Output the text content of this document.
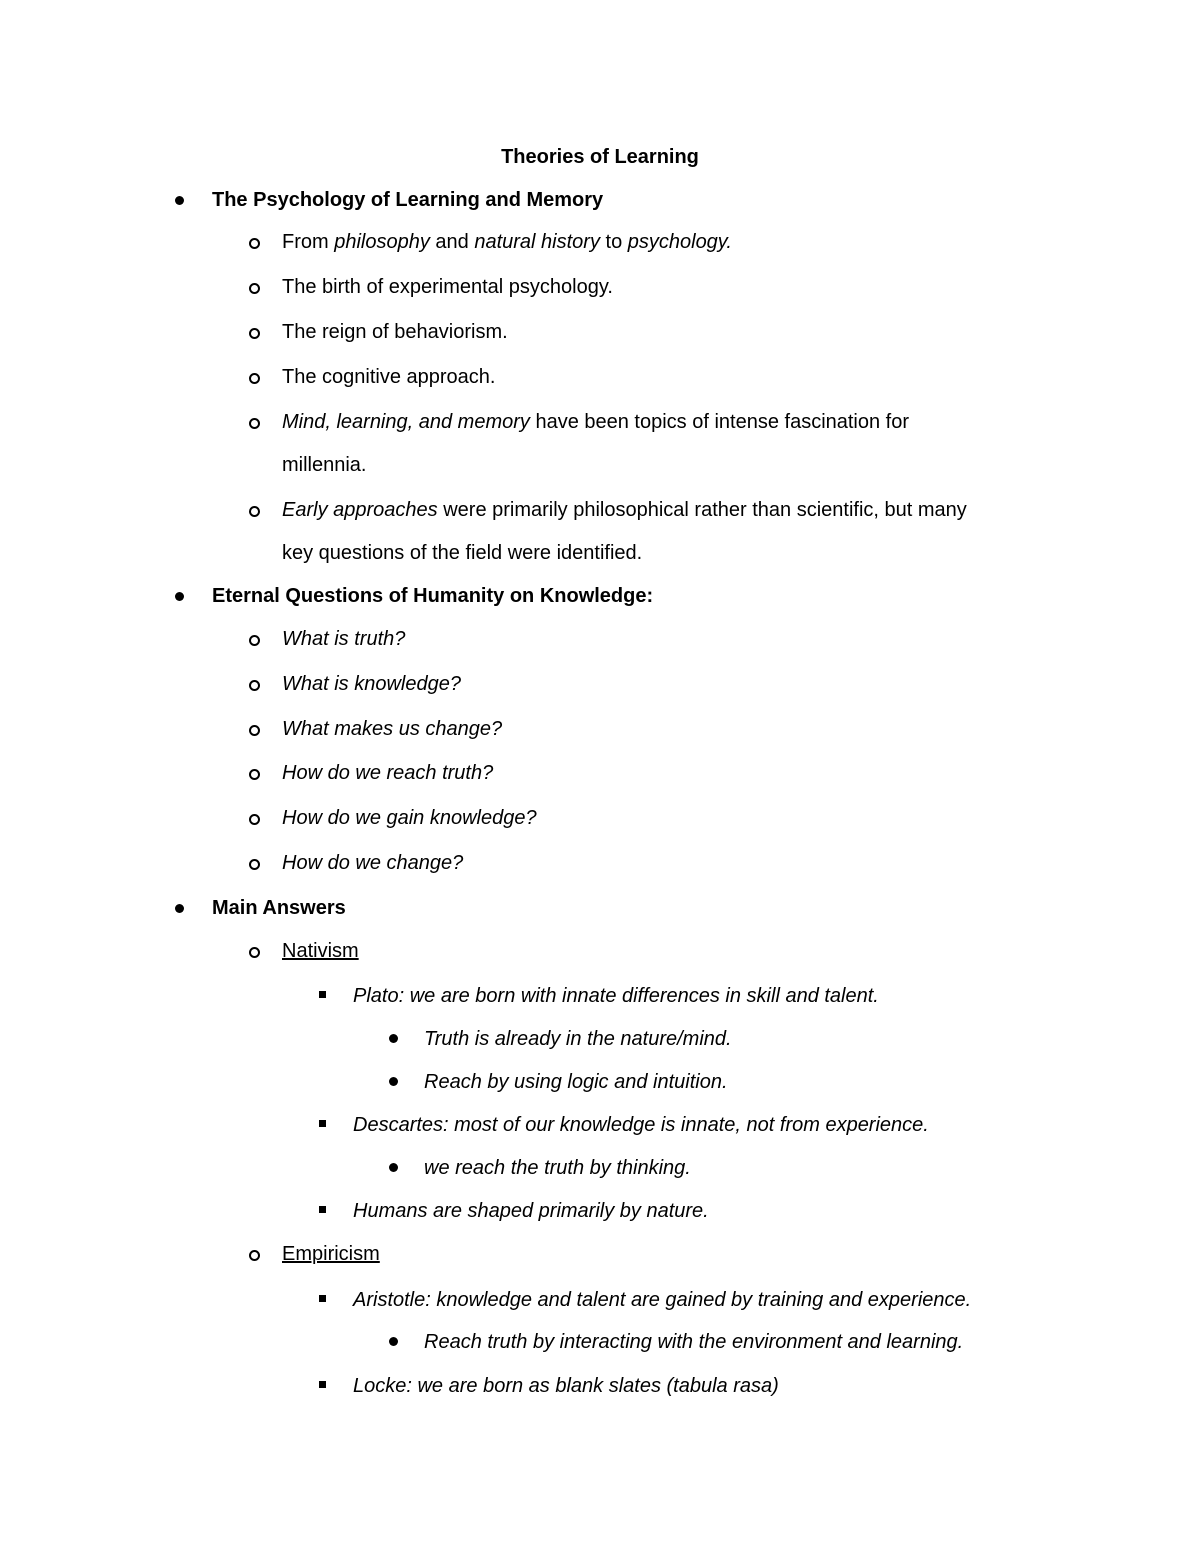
Theories of Learning
The Psychology of Learning and Memory
From philosophy and natural history to psychology.
The birth of experimental psychology.
The reign of behaviorism.
The cognitive approach.
Mind, learning, and memory have been topics of intense fascination for
millennia.
Early approaches were primarily philosophical rather than scientific, but many
key questions of the field were identified.
Eternal Questions of Humanity on Knowledge:
What is truth?
What is knowledge?
What makes us change?
How do we reach truth?
How do we gain knowledge?
How do we change?
Main Answers
Nativism
Plato: we are born with innate differences in skill and talent.
Truth is already in the nature/mind.
Reach by using logic and intuition.
Descartes: most of our knowledge is innate, not from experience.
we reach the truth by thinking.
Humans are shaped primarily by nature.
Empiricism
Aristotle: knowledge and talent are gained by training and experience.
Reach truth by interacting with the environment and learning.
Locke: we are born as blank slates (tabula rasa)
